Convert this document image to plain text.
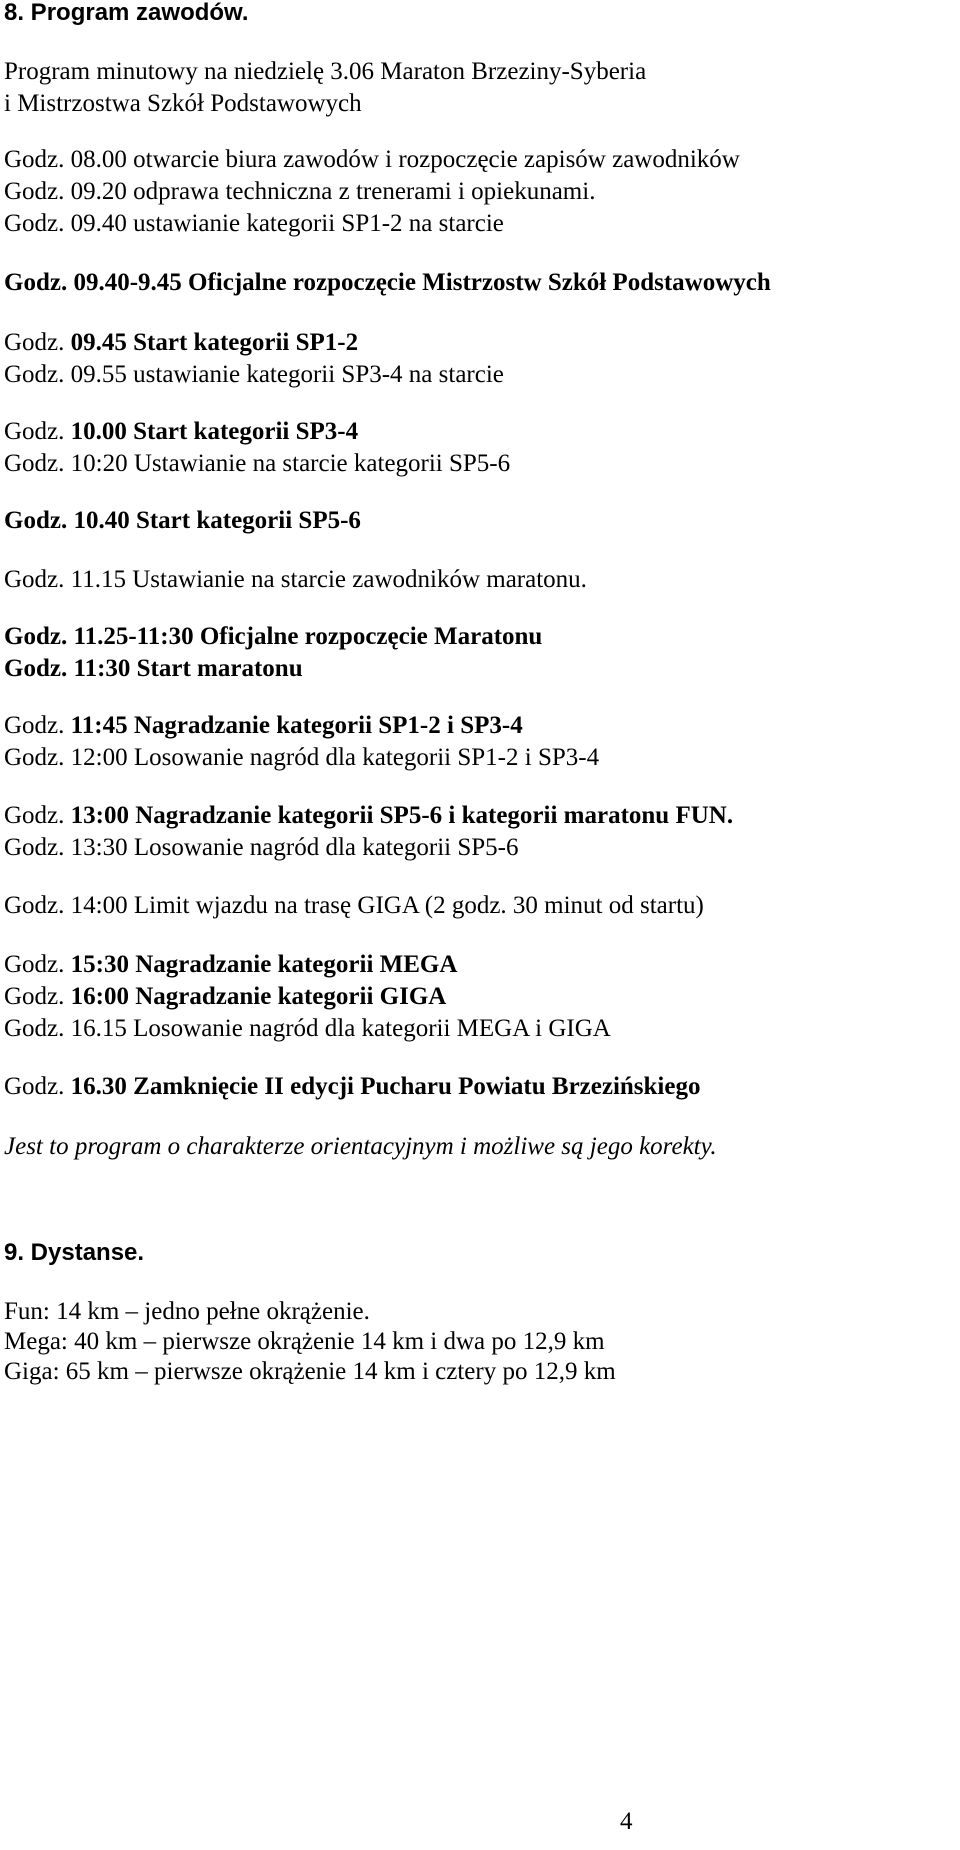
8. Program zawodów.
Program minutowy na niedzielę 3.06 Maraton Brzeziny-Syberia
i Mistrzostwa Szkół Podstawowych
Godz. 08.00 otwarcie biura zawodów i rozpoczęcie zapisów zawodników
Godz. 09.20 odprawa techniczna z trenerami i opiekunami.
Godz. 09.40 ustawianie kategorii SP1-2 na starcie
Godz. 09.40-9.45 Oficjalne rozpoczęcie Mistrzostw Szkół Podstawowych
Godz. 09.45 Start kategorii SP1-2
Godz. 09.55 ustawianie kategorii SP3-4 na starcie
Godz. 10.00 Start kategorii SP3-4
Godz. 10:20 Ustawianie na starcie kategorii SP5-6
Godz. 10.40 Start kategorii SP5-6
Godz. 11.15 Ustawianie na starcie zawodników maratonu.
Godz. 11.25-11:30 Oficjalne rozpoczęcie Maratonu
Godz. 11:30 Start maratonu
Godz. 11:45 Nagradzanie kategorii SP1-2 i SP3-4
Godz. 12:00 Losowanie nagród dla kategorii SP1-2 i SP3-4
Godz. 13:00 Nagradzanie kategorii SP5-6 i kategorii maratonu FUN.
Godz. 13:30 Losowanie nagród dla kategorii SP5-6
Godz. 14:00 Limit wjazdu na trasę GIGA (2 godz. 30 minut od startu)
Godz. 15:30 Nagradzanie kategorii MEGA
Godz. 16:00 Nagradzanie kategorii GIGA
Godz. 16.15 Losowanie nagród dla kategorii MEGA i GIGA
Godz. 16.30 Zamknięcie II edycji Pucharu Powiatu Brzezińskiego
Jest to program o charakterze orientacyjnym i możliwe są jego korekty.
9. Dystanse.
Fun: 14 km – jedno pełne okrążenie.
Mega: 40 km – pierwsze okrążenie 14 km i dwa po 12,9 km
Giga: 65 km – pierwsze okrążenie 14 km i cztery po 12,9 km
4
